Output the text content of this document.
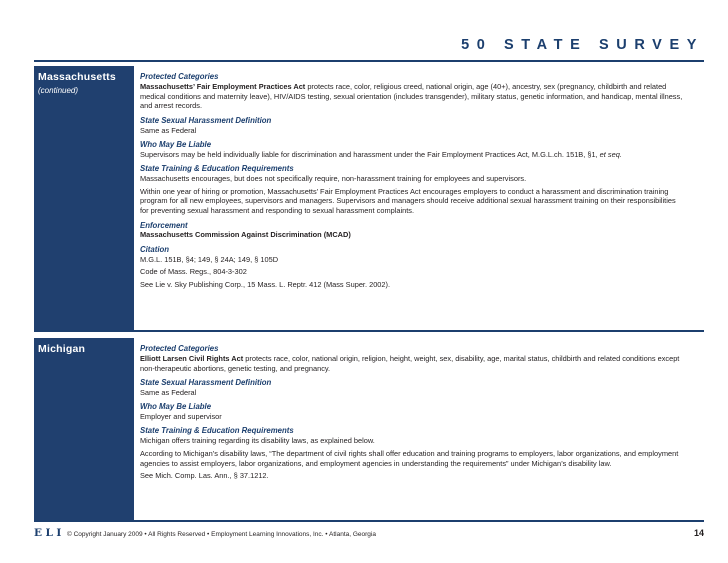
50 STATE SURVEY
Massachusetts
(continued)
Protected Categories
Massachusetts’ Fair Employment Practices Act protects race, color, religious creed, national origin, age (40+), ancestry, sex (pregnancy, childbirth and related medical conditions and maternity leave), HIV/AIDS testing, sexual orientation (includes transgender), military status, genetic information, and handicap, mental illness, and arrest records.
State Sexual Harassment Definition
Same as Federal
Who May Be Liable
Supervisors may be held individually liable for discrimination and harassment under the Fair Employment Practices Act, M.G.L.ch. 151B, §1, et seq.
State Training & Education Requirements
Massachusetts encourages, but does not specifically require, non-harassment training for employees and supervisors.
Within one year of hiring or promotion, Massachusetts’ Fair Employment Practices Act encourages employers to conduct a harassment and discrimination training program for all new employees, supervisors and managers. Supervisors and managers should receive additional sexual harassment training on their responsibilities for preventing sexual harassment and responding to sexual harassment complaints.
Enforcement
Massachusetts Commission Against Discrimination (MCAD)
Citation
M.G.L. 151B, §4; 149, § 24A; 149, § 105D
Code of Mass. Regs., 804-3-302
See Lie v. Sky Publishing Corp., 15 Mass. L. Reptr. 412 (Mass Super. 2002).
Michigan	Protected Categories
Elliott Larsen Civil Rights Act protects race, color, national origin, religion, height, weight, sex, disability, age, marital status, childbirth and related conditions except non-therapeutic abortions, genetic testing, and pregnancy.
State Sexual Harassment Definition
Same as Federal
Who May Be Liable
Employer and supervisor
State Training & Education Requirements
Michigan offers training regarding its disability laws, as explained below.
According to Michigan’s disability laws, “The department of civil rights shall offer education and training programs to employers, labor organizations, and employment agencies to assist employers, labor organizations, and employment agencies in understanding the requirements” under Michigan’s disability law.
See Mich. Comp. Las. Ann., § 37.1212.
ELI © Copyright January 2009 • All Rights Reserved • Employment Learning Innovations, Inc. • Atlanta, Georgia	14
